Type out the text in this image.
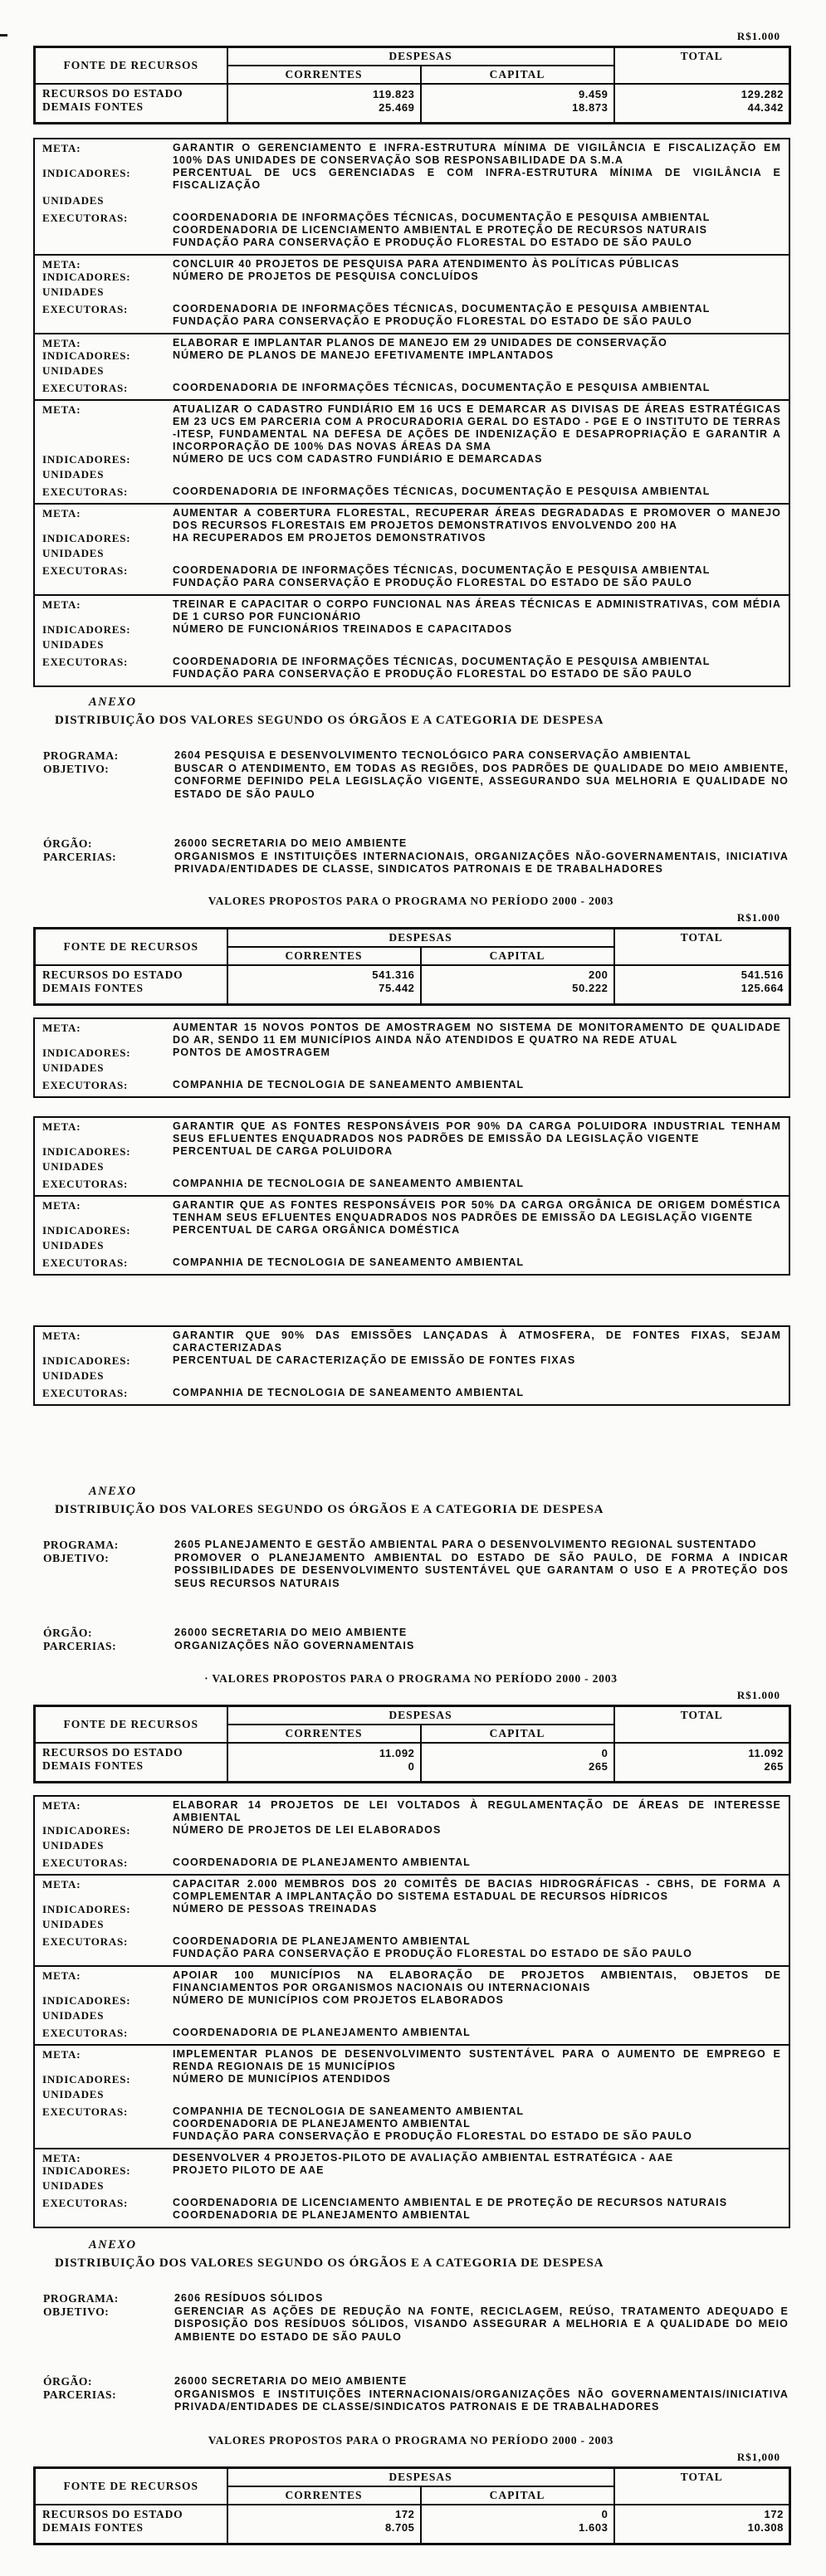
R$1.000
FONTE DE RECURSOS	DESPESAS		TOTAL
	CORRENTES	CAPITAL	
RECURSOS DO ESTADO	119.823	9.459	129.282
DEMAIS FONTES	25.469	18.873	44.342
META:	GARANTIR O GERENCIAMENTO E INFRA-ESTRUTURA MÍNIMA DE VIGILÂNCIA E FISCALIZAÇÃO EM 100% DAS UNIDADES DE CONSERVAÇÃO SOB RESPONSABILIDADE DA S.M.A
INDICADORES:	PERCENTUAL DE UCS GERENCIADAS E COM INFRA-ESTRUTURA MÍNIMA DE VIGILÂNCIA E FISCALIZAÇÃO
UNIDADES
EXECUTORAS:	COORDENADORIA DE INFORMAÇÕES TÉCNICAS, DOCUMENTAÇÃO E PESQUISA AMBIENTAL
COORDENADORIA DE LICENCIAMENTO AMBIENTAL E PROTEÇÃO DE RECURSOS NATURAIS
FUNDAÇÃO PARA CONSERVAÇÃO E PRODUÇÃO FLORESTAL DO ESTADO DE SÃO PAULO
META:	CONCLUIR 40 PROJETOS DE PESQUISA PARA ATENDIMENTO ÀS POLÍTICAS PÚBLICAS
INDICADORES:	NÚMERO DE PROJETOS DE PESQUISA CONCLUÍDOS
UNIDADES
EXECUTORAS:	COORDENADORIA DE INFORMAÇÕES TÉCNICAS, DOCUMENTAÇÃO E PESQUISA AMBIENTAL
FUNDAÇÃO PARA CONSERVAÇÃO E PRODUÇÃO FLORESTAL DO ESTADO DE SÃO PAULO
META:	ELABORAR E IMPLANTAR PLANOS DE MANEJO EM 29 UNIDADES DE CONSERVAÇÃO
INDICADORES:	NÚMERO DE PLANOS DE MANEJO EFETIVAMENTE IMPLANTADOS
UNIDADES
EXECUTORAS:	COORDENADORIA DE INFORMAÇÕES TÉCNICAS, DOCUMENTAÇÃO E PESQUISA AMBIENTAL
META:	ATUALIZAR O CADASTRO FUNDIÁRIO EM 16 UCS E DEMARCAR AS DIVISAS DE ÁREAS ESTRATÉGICAS EM 23 UCS EM PARCERIA COM A PROCURADORIA GERAL DO ESTADO - PGE E O INSTITUTO DE TERRAS -ITESP, FUNDAMENTAL NA DEFESA DE AÇÕES DE INDENIZAÇÃO E DESAPROPRIAÇÃO E GARANTIR A INCORPORAÇÃO DE 100% DAS NOVAS ÁREAS DA SMA
INDICADORES:	NÚMERO DE UCS COM CADASTRO FUNDIÁRIO E DEMARCADAS
UNIDADES
EXECUTORAS:	COORDENADORIA DE INFORMAÇÕES TÉCNICAS, DOCUMENTAÇÃO E PESQUISA AMBIENTAL
META:	AUMENTAR A COBERTURA FLORESTAL, RECUPERAR ÁREAS DEGRADADAS E PROMOVER O MANEJO DOS RECURSOS FLORESTAIS EM PROJETOS DEMONSTRATIVOS ENVOLVENDO 200 HA
INDICADORES:	HA RECUPERADOS EM PROJETOS DEMONSTRATIVOS
UNIDADES
EXECUTORAS:	COORDENADORIA DE INFORMAÇÕES TÉCNICAS, DOCUMENTAÇÃO E PESQUISA AMBIENTAL
FUNDAÇÃO PARA CONSERVAÇÃO E PRODUÇÃO FLORESTAL DO ESTADO DE SÃO PAULO
META:	TREINAR E CAPACITAR O CORPO FUNCIONAL NAS ÁREAS TÉCNICAS E ADMINISTRATIVAS, COM MÉDIA DE 1 CURSO POR FUNCIONÁRIO
INDICADORES:	NÚMERO DE FUNCIONÁRIOS TREINADOS E CAPACITADOS
UNIDADES
EXECUTORAS:	COORDENADORIA DE INFORMAÇÕES TÉCNICAS, DOCUMENTAÇÃO E PESQUISA AMBIENTAL
FUNDAÇÃO PARA CONSERVAÇÃO E PRODUÇÃO FLORESTAL DO ESTADO DE SÃO PAULO
ANEXO
DISTRIBUIÇÃO DOS VALORES SEGUNDO OS ÓRGÃOS E A CATEGORIA DE DESPESA
PROGRAMA:	2604 PESQUISA E DESENVOLVIMENTO TECNOLÓGICO PARA CONSERVAÇÃO AMBIENTAL
OBJETIVO:	BUSCAR O ATENDIMENTO, EM TODAS AS REGIÕES, DOS PADRÕES DE QUALIDADE DO MEIO AMBIENTE, CONFORME DEFINIDO PELA LEGISLAÇÃO VIGENTE, ASSEGURANDO SUA MELHORIA E QUALIDADE NO ESTADO DE SÃO PAULO
ÓRGÃO:	26000 SECRETARIA DO MEIO AMBIENTE
PARCERIAS:	ORGANISMOS E INSTITUIÇÕES INTERNACIONAIS, ORGANIZAÇÕES NÃO-GOVERNAMENTAIS, INICIATIVA PRIVADA/ENTIDADES DE CLASSE, SINDICATOS PATRONAIS E DE TRABALHADORES
VALORES PROPOSTOS PARA O PROGRAMA NO PERÍODO 2000 - 2003
R$1.000
FONTE DE RECURSOS	DESPESAS		TOTAL
	CORRENTES	CAPITAL	
RECURSOS DO ESTADO	541.316	200	541.516
DEMAIS FONTES	75.442	50.222	125.664
META:	AUMENTAR 15 NOVOS PONTOS DE AMOSTRAGEM NO SISTEMA DE MONITORAMENTO DE QUALIDADE DO AR, SENDO 11 EM MUNICÍPIOS AINDA NÃO ATENDIDOS E QUATRO NA REDE ATUAL
INDICADORES:	PONTOS DE AMOSTRAGEM
UNIDADES
EXECUTORAS:	COMPANHIA DE TECNOLOGIA DE SANEAMENTO AMBIENTAL
META:	GARANTIR QUE AS FONTES RESPONSÁVEIS POR 90% DA CARGA POLUIDORA INDUSTRIAL TENHAM SEUS EFLUENTES ENQUADRADOS NOS PADRÕES DE EMISSÃO DA LEGISLAÇÃO VIGENTE
INDICADORES:	PERCENTUAL DE CARGA POLUIDORA
UNIDADES
EXECUTORAS:	COMPANHIA DE TECNOLOGIA DE SANEAMENTO AMBIENTAL
META:	GARANTIR QUE AS FONTES RESPONSÁVEIS POR 50% DA CARGA ORGÂNICA DE ORIGEM DOMÉSTICA TENHAM SEUS EFLUENTES ENQUADRADOS NOS PADRÕES DE EMISSÃO DA LEGISLAÇÃO VIGENTE
INDICADORES:	PERCENTUAL DE CARGA ORGÂNICA DOMÉSTICA
UNIDADES
EXECUTORAS:	COMPANHIA DE TECNOLOGIA DE SANEAMENTO AMBIENTAL
META:	GARANTIR QUE 90% DAS EMISSÕES LANÇADAS À ATMOSFERA, DE FONTES FIXAS, SEJAM CARACTERIZADAS
INDICADORES:	PERCENTUAL DE CARACTERIZAÇÃO DE EMISSÃO DE FONTES FIXAS
UNIDADES
EXECUTORAS:	COMPANHIA DE TECNOLOGIA DE SANEAMENTO AMBIENTAL
ANEXO
DISTRIBUIÇÃO DOS VALORES SEGUNDO OS ÓRGÃOS E A CATEGORIA DE DESPESA
PROGRAMA:	2605 PLANEJAMENTO E GESTÃO AMBIENTAL PARA O DESENVOLVIMENTO REGIONAL SUSTENTADO
OBJETIVO:	PROMOVER O PLANEJAMENTO AMBIENTAL DO ESTADO DE SÃO PAULO, DE FORMA A INDICAR POSSIBILIDADES DE DESENVOLVIMENTO SUSTENTÁVEL QUE GARANTAM O USO E A PROTEÇÃO DOS SEUS RECURSOS NATURAIS
ÓRGÃO:	26000 SECRETARIA DO MEIO AMBIENTE
PARCERIAS:	ORGANIZAÇÕES NÃO GOVERNAMENTAIS
· VALORES PROPOSTOS PARA O PROGRAMA NO PERÍODO 2000 - 2003
R$1.000
FONTE DE RECURSOS	DESPESAS		TOTAL
	CORRENTES	CAPITAL	
RECURSOS DO ESTADO	11.092	0	11.092
DEMAIS FONTES	0	265	265
META:	ELABORAR 14 PROJETOS DE LEI VOLTADOS À REGULAMENTAÇÃO DE ÁREAS DE INTERESSE AMBIENTAL
INDICADORES:	NÚMERO DE PROJETOS DE LEI ELABORADOS
UNIDADES
EXECUTORAS:	COORDENADORIA DE PLANEJAMENTO AMBIENTAL
META:	CAPACITAR 2.000 MEMBROS DOS 20 COMITÊS DE BACIAS HIDROGRÁFICAS - CBHS, DE FORMA A COMPLEMENTAR A IMPLANTAÇÃO DO SISTEMA ESTADUAL DE RECURSOS HÍDRICOS
INDICADORES:	NÚMERO DE PESSOAS TREINADAS
UNIDADES
EXECUTORAS:	COORDENADORIA DE PLANEJAMENTO AMBIENTAL
FUNDAÇÃO PARA CONSERVAÇÃO E PRODUÇÃO FLORESTAL DO ESTADO DE SÃO PAULO
META:	APOIAR 100 MUNICÍPIOS NA ELABORAÇÃO DE PROJETOS AMBIENTAIS, OBJETOS DE FINANCIAMENTOS POR ORGANISMOS NACIONAIS OU INTERNACIONAIS
INDICADORES:	NÚMERO DE MUNICÍPIOS COM PROJETOS ELABORADOS
UNIDADES
EXECUTORAS:	COORDENADORIA DE PLANEJAMENTO AMBIENTAL
META:	IMPLEMENTAR PLANOS DE DESENVOLVIMENTO SUSTENTÁVEL PARA O AUMENTO DE EMPREGO E RENDA REGIONAIS DE 15 MUNICÍPIOS
INDICADORES:	NÚMERO DE MUNICÍPIOS ATENDIDOS
UNIDADES
EXECUTORAS:	COMPANHIA DE TECNOLOGIA DE SANEAMENTO AMBIENTAL
COORDENADORIA DE PLANEJAMENTO AMBIENTAL
FUNDAÇÃO PARA CONSERVAÇÃO E PRODUÇÃO FLORESTAL DO ESTADO DE SÃO PAULO
META:	DESENVOLVER 4 PROJETOS-PILOTO DE AVALIAÇÃO AMBIENTAL ESTRATÉGICA - AAE
INDICADORES:	PROJETO PILOTO DE AAE
UNIDADES
EXECUTORAS:	COORDENADORIA DE LICENCIAMENTO AMBIENTAL E DE PROTEÇÃO DE RECURSOS NATURAIS
COORDENADORIA DE PLANEJAMENTO AMBIENTAL
ANEXO
DISTRIBUIÇÃO DOS VALORES SEGUNDO OS ÓRGÃOS E A CATEGORIA DE DESPESA
PROGRAMA:	2606 RESÍDUOS SÓLIDOS
OBJETIVO:	GERENCIAR AS AÇÕES DE REDUÇÃO NA FONTE, RECICLAGEM, REÚSO, TRATAMENTO ADEQUADO E DISPOSIÇÃO DOS RESÍDUOS SÓLIDOS, VISANDO ASSEGURAR A MELHORIA E A QUALIDADE DO MEIO AMBIENTE DO ESTADO DE SÃO PAULO
ÓRGÃO:	26000 SECRETARIA DO MEIO AMBIENTE
PARCERIAS:	ORGANISMOS E INSTITUIÇÕES INTERNACIONAIS/ORGANIZAÇÕES NÃO GOVERNAMENTAIS/INICIATIVA PRIVADA/ENTIDADES DE CLASSE/SINDICATOS PATRONAIS E DE TRABALHADORES
VALORES PROPOSTOS PARA O PROGRAMA NO PERÍODO 2000 - 2003
R$1,000
FONTE DE RECURSOS	DESPESAS		TOTAL
	CORRENTES	CAPITAL	
RECURSOS DO ESTADO	172	0	172
DEMAIS FONTES	8.705	1.603	10.308
